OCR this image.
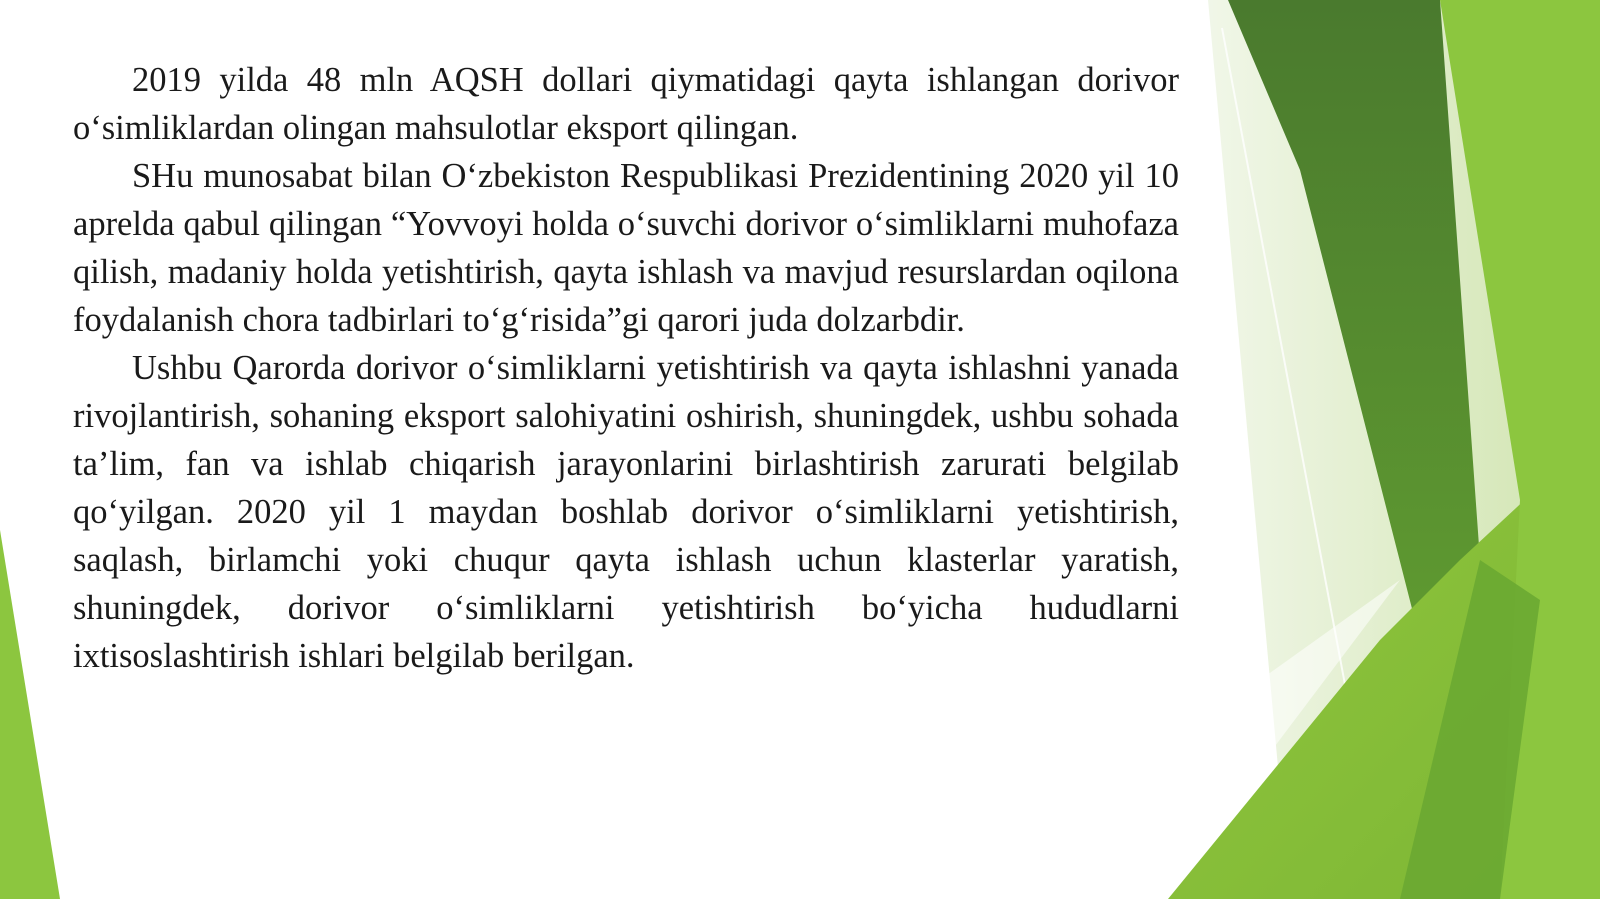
2019 yilda 48 mln AQSH dollari qiymatidagi qayta ishlangan dorivor o‘simliklardan olingan mahsulotlar eksport qilingan.

SHu munosabat bilan O‘zbekiston Respublikasi Prezidentining 2020 yil 10 aprelda qabul qilingan “Yovvoyi holda o‘suvchi dorivor o‘simliklarni muhofaza qilish, madaniy holda yetishtirish, qayta ishlash va mavjud resurslardan oqilona foydalanish chora tadbirlari to‘g‘risida”gi qarori juda dolzarbdir.

Ushbu Qarorda dorivor o‘simliklarni yetishtirish va qayta ishlashni yanada rivojlantirish, sohaning eksport salohiyatini oshirish, shuningdek, ushbu sohada ta’lim, fan va ishlab chiqarish jarayonlarini birlashtirish zarurati belgilab qo‘yilgan. 2020 yil 1 maydan boshlab dorivor o‘simliklarni yetishtirish, saqlash, birlamchi yoki chuqur qayta ishlash uchun klasterlar yaratish, shuningdek, dorivor o‘simliklarni yetishtirish bo‘yicha hududlarni ixtisoslashtirish ishlari belgilab berilgan.
